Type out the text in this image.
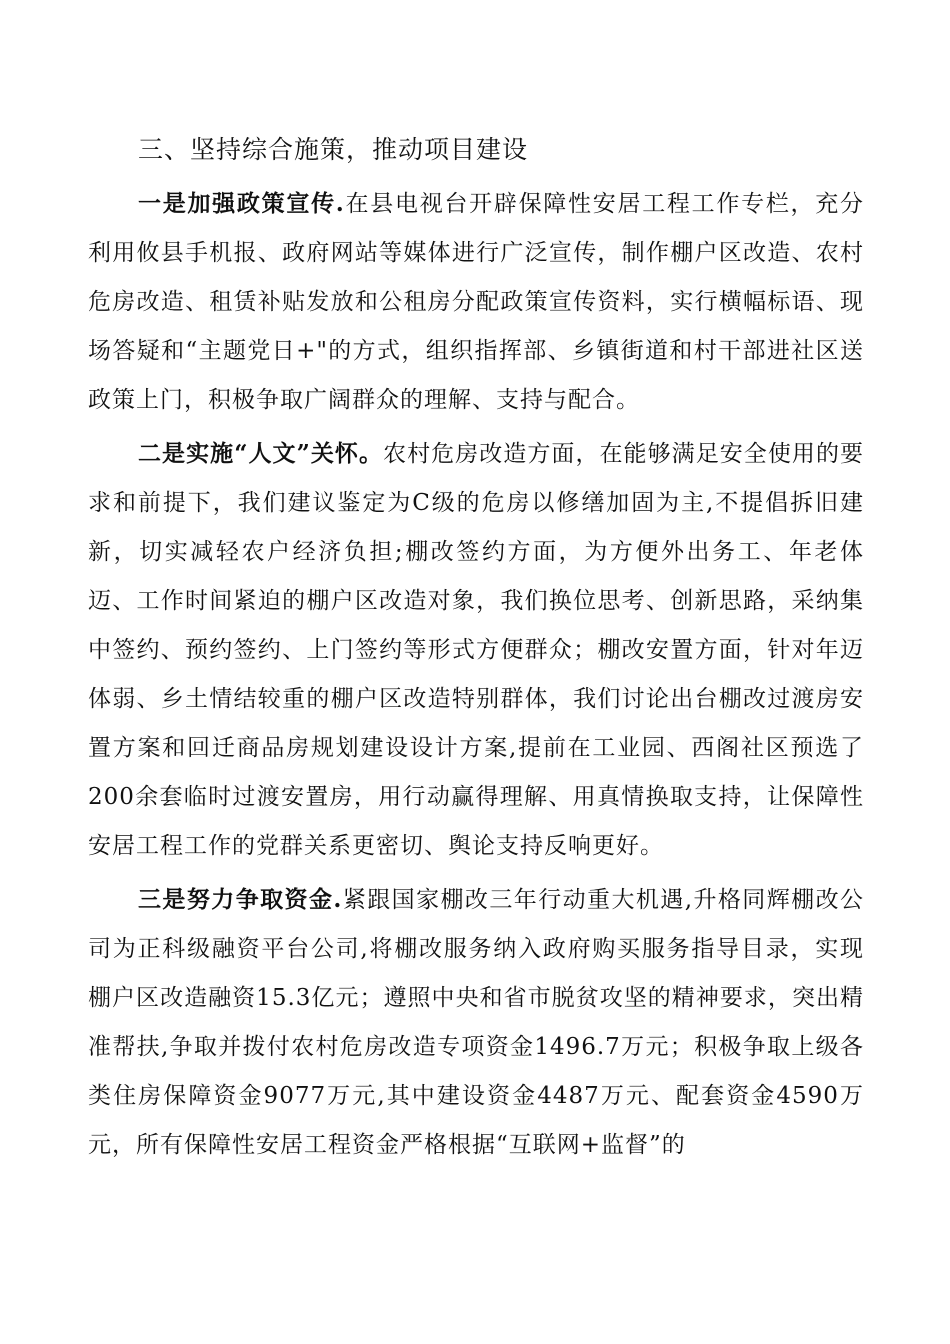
三、坚持综合施策，推动项目建设

一是加强政策宣传.在县电视台开辟保障性安居工程工作专栏，充分利用攸县手机报、政府网站等媒体进行广泛宣传，制作棚户区改造、农村危房改造、租赁补贴发放和公租房分配政策宣传资料，实行横幅标语、现场答疑和“主题党日+"的方式，组织指挥部、乡镇街道和村干部进社区送政策上门，积极争取广阔群众的理解、支持与配合。

二是实施“人文”关怀。农村危房改造方面，在能够满足安全使用的要求和前提下，我们建议鉴定为C级的危房以修缮加固为主,不提倡拆旧建新，切实减轻农户经济负担;棚改签约方面，为方便外出务工、年老体迈、工作时间紧迫的棚户区改造对象，我们换位思考、创新思路，采纳集中签约、预约签约、上门签约等形式方便群众；棚改安置方面，针对年迈体弱、乡土情结较重的棚户区改造特别群体，我们讨论出台棚改过渡房安置方案和回迁商品房规划建设设计方案,提前在工业园、西阁社区预选了200余套临时过渡安置房，用行动赢得理解、用真情换取支持，让保障性安居工程工作的党群关系更密切、舆论支持反响更好。

三是努力争取资金.紧跟国家棚改三年行动重大机遇,升格同辉棚改公司为正科级融资平台公司,将棚改服务纳入政府购买服务指导目录，实现棚户区改造融资15.3亿元；遵照中央和省市脱贫攻坚的精神要求，突出精准帮扶,争取并拨付农村危房改造专项资金1496.7万元；积极争取上级各类住房保障资金9077万元,其中建设资金4487万元、配套资金4590万元，所有保障性安居工程资金严格根据“互联网+监督”的
